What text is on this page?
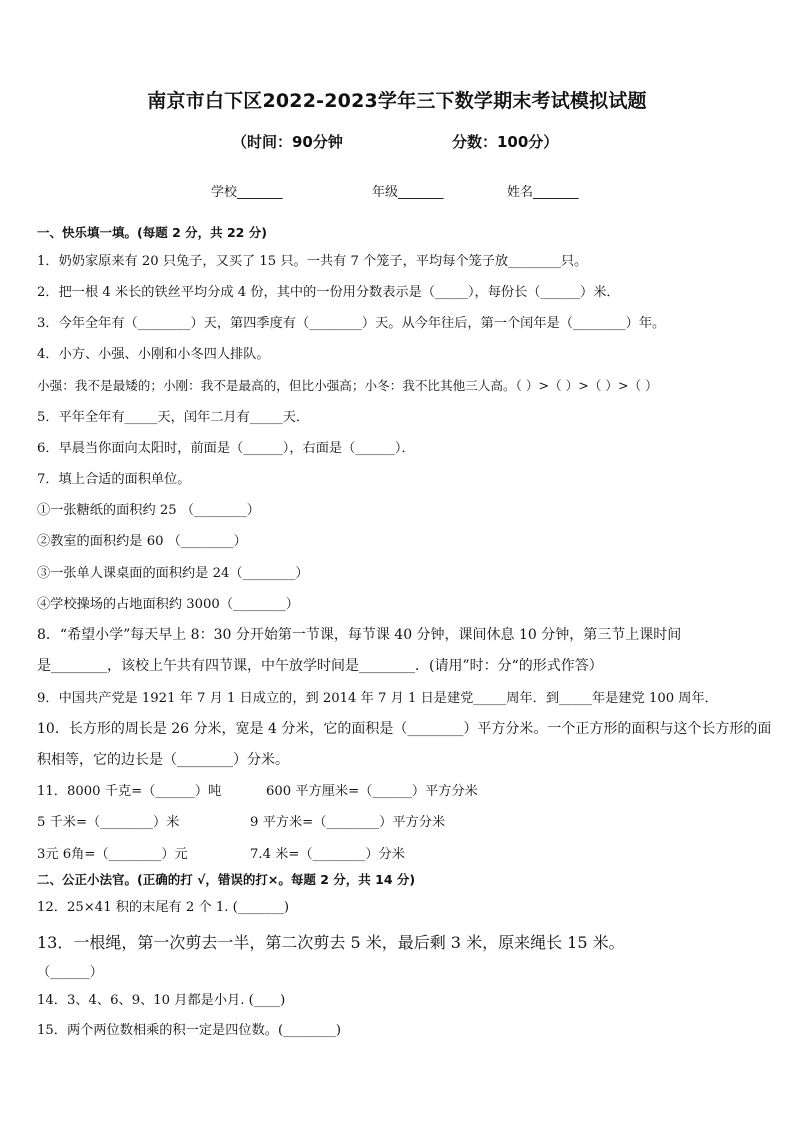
南京市白下区2022-2023学年三下数学期末考试模拟试题
（时间：90分钟	分数：100分）
学校_______	年级_______	姓名_______
一、快乐填一填。(每题 2 分，共 22 分)
1．奶奶家原来有 20 只兔子，又买了 15 只。一共有 7 个笼子，平均每个笼子放________只。
2．把一根 4 米长的铁丝平均分成 4 份，其中的一份用分数表示是（_____），每份长（______）米．
3．今年全年有（________）天，第四季度有（________）天。从今年往后，第一个闰年是（________）年。
4．小方、小强、小刚和小冬四人排队。
小强：我不是最矮的；小刚：我不是最高的，但比小强高；小冬：我不比其他三人高。（ ）>（ ）>（ ）>（ ）
5．平年全年有_____天，闰年二月有_____天．
6．早晨当你面向太阳时，前面是（______），右面是（______）．
7．填上合适的面积单位。
①一张糖纸的面积约 25 （________）
②教室的面积约是 60 （________）
③一张单人课桌面的面积约是 24（________）
④学校操场的占地面积约 3000（________）
8．“希望小学”每天早上 8：30 分开始第一节课，每节课 40 分钟，课间休息 10 分钟，第三节上课时间
是________，该校上午共有四节课，中午放学时间是________．(请用”时：分“的形式作答）
9．中国共产党是 1921 年 7 月 1 日成立的，到 2014 年 7 月 1 日是建党_____周年．到_____年是建党 100 周年．
10．长方形的周长是 26 分米，宽是 4 分米，它的面积是（________）平方分米。一个正方形的面积与这个长方形的面
积相等，它的边长是（________）分米。
11．8000 千克=（______）吨	600 平方厘米=（______）平方分米
5 千米=（________）米	9 平方米=（________）平方分米
3元 6角=（________）元	7.4 米=（________）分米
二、公正小法官。(正确的打 √，错误的打×。每题 2 分，共 14 分)
12．25×41 积的末尾有 2 个 1. (_______)
13．一根绳，第一次剪去一半，第二次剪去 5 米，最后剩 3 米，原来绳长 15 米。
（______）
14．3、4、6、9、10 月都是小月. (____)
15．两个两位数相乘的积一定是四位数。(________)
